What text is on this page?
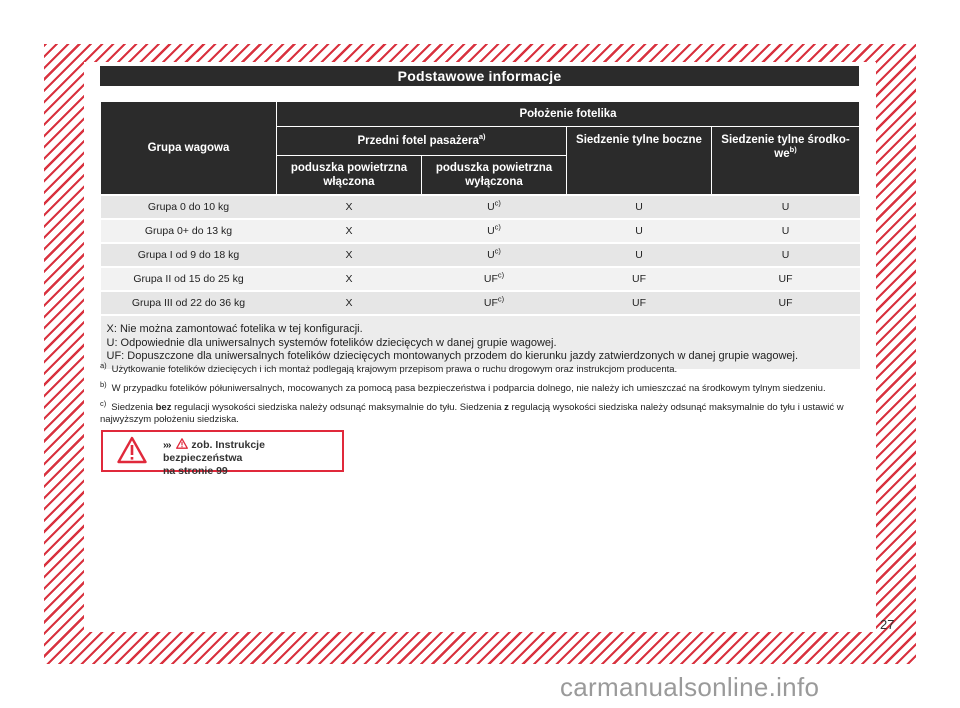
Podstawowe informacje
Grupa wagowa	Położenie fotelika			
	Przedni fotel pasażera$^{a)}$		Siedzenie tylne boczne	Siedzenie tylne środko-$we^{b)}$
	poduszka powietrzna włączona	poduszka powietrzna wyłączona		
Grupa 0 do 10 kg	X	$U^{c)}$	U	U
Grupa 0+ do 13 kg	X	$U^{c)}$	U	U
Grupa I od 9 do 18 kg	X	$U^{c)}$	U	U
Grupa II od 15 do 25 kg	X	UF$^{c)}$	UF	UF
Grupa III od 22 do 36 kg	X	UF$^{c)}$	UF	UF

X: Nie można zamontować fotelika w tej konfiguracji.
U: Odpowiednie dla uniwersalnych systemów fotelików dziecięcych w danej grupie wagowej.
UF: Dopuszczone dla uniwersalnych fotelików dziecięcych montowanych przodem do kierunku jazdy zatwierdzonych w danej grupie wagowej.				
$^{a)}$ Użytkowanie fotelików dziecięcych i ich montaż podlegają krajowym przepisom prawa o ruchu drogowym oraz instrukcjom producenta.
$^{b)}$ W przypadku fotelików półuniwersalnych, mocowanych za pomocą pasa bezpieczeństwa i podparcia dolnego, nie należy ich umieszczać na środkowym tylnym siedzeniu.
$^{c)}$ Siedzenia bez regulacji wysokości siedziska należy odsunąć maksymalnie do tyłu. Siedzenia z regulacją wysokości siedziska należy odsunąć maksymalnie do tyłu i ustawić w najwyższym położeniu siedziska.
››› zob. Instrukcje bezpieczeństwa
na stronie 99
27
carmanualsonline.info
